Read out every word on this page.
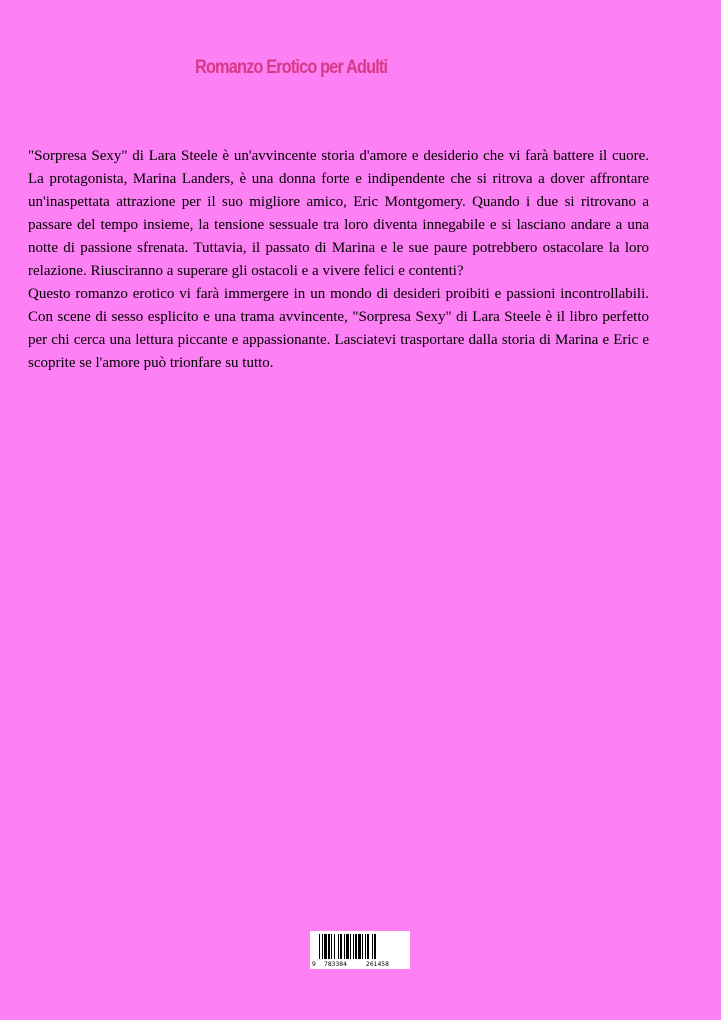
Romanzo Erotico per Adulti

"Sorpresa Sexy" di Lara Steele è un'avvincente storia d'amore e desiderio che vi farà battere il cuore. La protagonista, Marina Landers, è una donna forte e indipendente che si ritrova a dover affrontare un'inaspettata attrazione per il suo migliore amico, Eric Montgomery. Quando i due si ritrovano a passare del tempo insieme, la tensione sessuale tra loro diventa innegabile e si lasciano andare a una notte di passione sfrenata. Tuttavia, il passato di Marina e le sue paure potrebbero ostacolare la loro relazione. Riusciranno a superare gli ostacoli e a vivere felici e contenti?

Questo romanzo erotico vi farà immergere in un mondo di desideri proibiti e passioni incontrollabili. Con scene di sesso esplicito e una trama avvincente, "Sorpresa Sexy" di Lara Steele è il libro perfetto per chi cerca una lettura piccante e appassionante. Lasciatevi trasportare dalla storia di Marina e Eric e scoprite se l'amore può trionfare su tutto.

9 783384	261458
